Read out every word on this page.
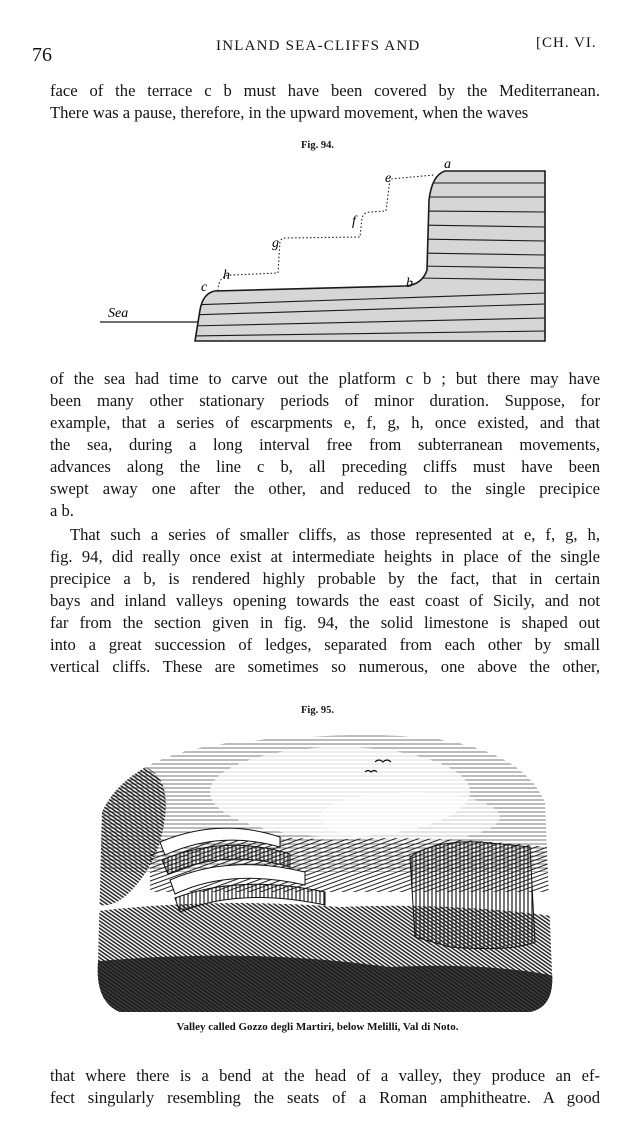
76	INLAND SEA-CLIFFS AND	[CH. VI.
face of the terrace c b must have been covered by the Mediterranean.
There was a pause, therefore, in the upward movement, when the waves
Fig. 94.
Sea
a
b
c
e
f
g
h
of the sea had time to carve out the platform c b ; but there may have
been many other stationary periods of minor duration. Suppose, for
example, that a series of escarpments e, f, g, h, once existed, and that
the sea, during a long interval free from subterranean movements,
advances along the line c b, all preceding cliffs must have been
swept away one after the other, and reduced to the single precipice
a b.
That such a series of smaller cliffs, as those represented at e, f, g, h,
fig. 94, did really once exist at intermediate heights in place of the single
precipice a b, is rendered highly probable by the fact, that in certain
bays and inland valleys opening towards the east coast of Sicily, and not
far from the section given in fig. 94, the solid limestone is shaped out
into a great succession of ledges, separated from each other by small
vertical cliffs. These are sometimes so numerous, one above the other,
Fig. 95.
Valley called Gozzo degli Martiri, below Melilli, Val di Noto.
that where there is a bend at the head of a valley, they produce an ef-
fect singularly resembling the seats of a Roman amphitheatre. A good
